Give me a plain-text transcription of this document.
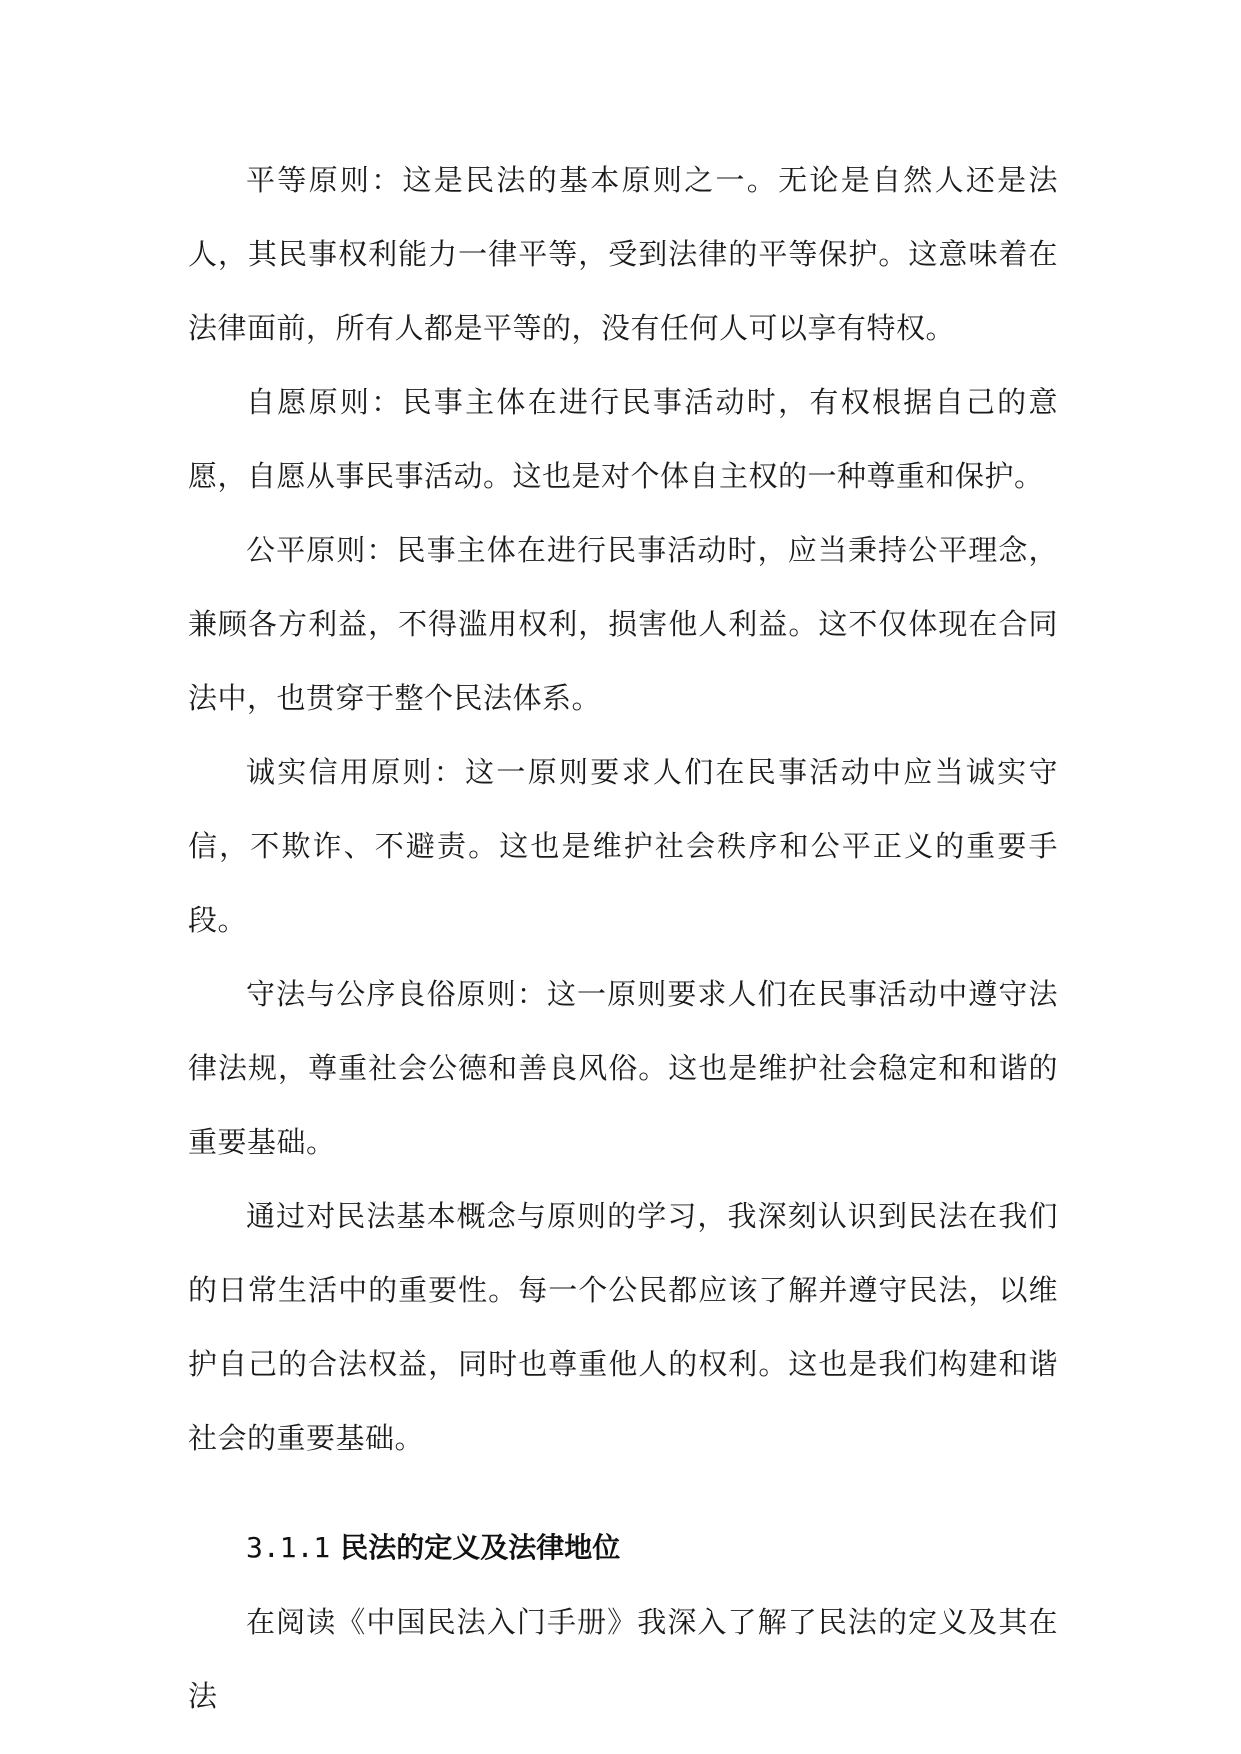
平等原则：这是民法的基本原则之一。无论是自然人还是法人，其民事权利能力一律平等，受到法律的平等保护。这意味着在法律面前，所有人都是平等的，没有任何人可以享有特权。

自愿原则：民事主体在进行民事活动时，有权根据自己的意愿，自愿从事民事活动。这也是对个体自主权的一种尊重和保护。

公平原则：民事主体在进行民事活动时，应当秉持公平理念，兼顾各方利益，不得滥用权利，损害他人利益。这不仅体现在合同法中，也贯穿于整个民法体系。

诚实信用原则：这一原则要求人们在民事活动中应当诚实守信，不欺诈、不避责。这也是维护社会秩序和公平正义的重要手段。

守法与公序良俗原则：这一原则要求人们在民事活动中遵守法律法规，尊重社会公德和善良风俗。这也是维护社会稳定和和谐的重要基础。

通过对民法基本概念与原则的学习，我深刻认识到民法在我们的日常生活中的重要性。每一个公民都应该了解并遵守民法，以维护自己的合法权益，同时也尊重他人的权利。这也是我们构建和谐社会的重要基础。

3.1.1 民法的定义及法律地位

在阅读《中国民法入门手册》我深入了解了民法的定义及其在法
